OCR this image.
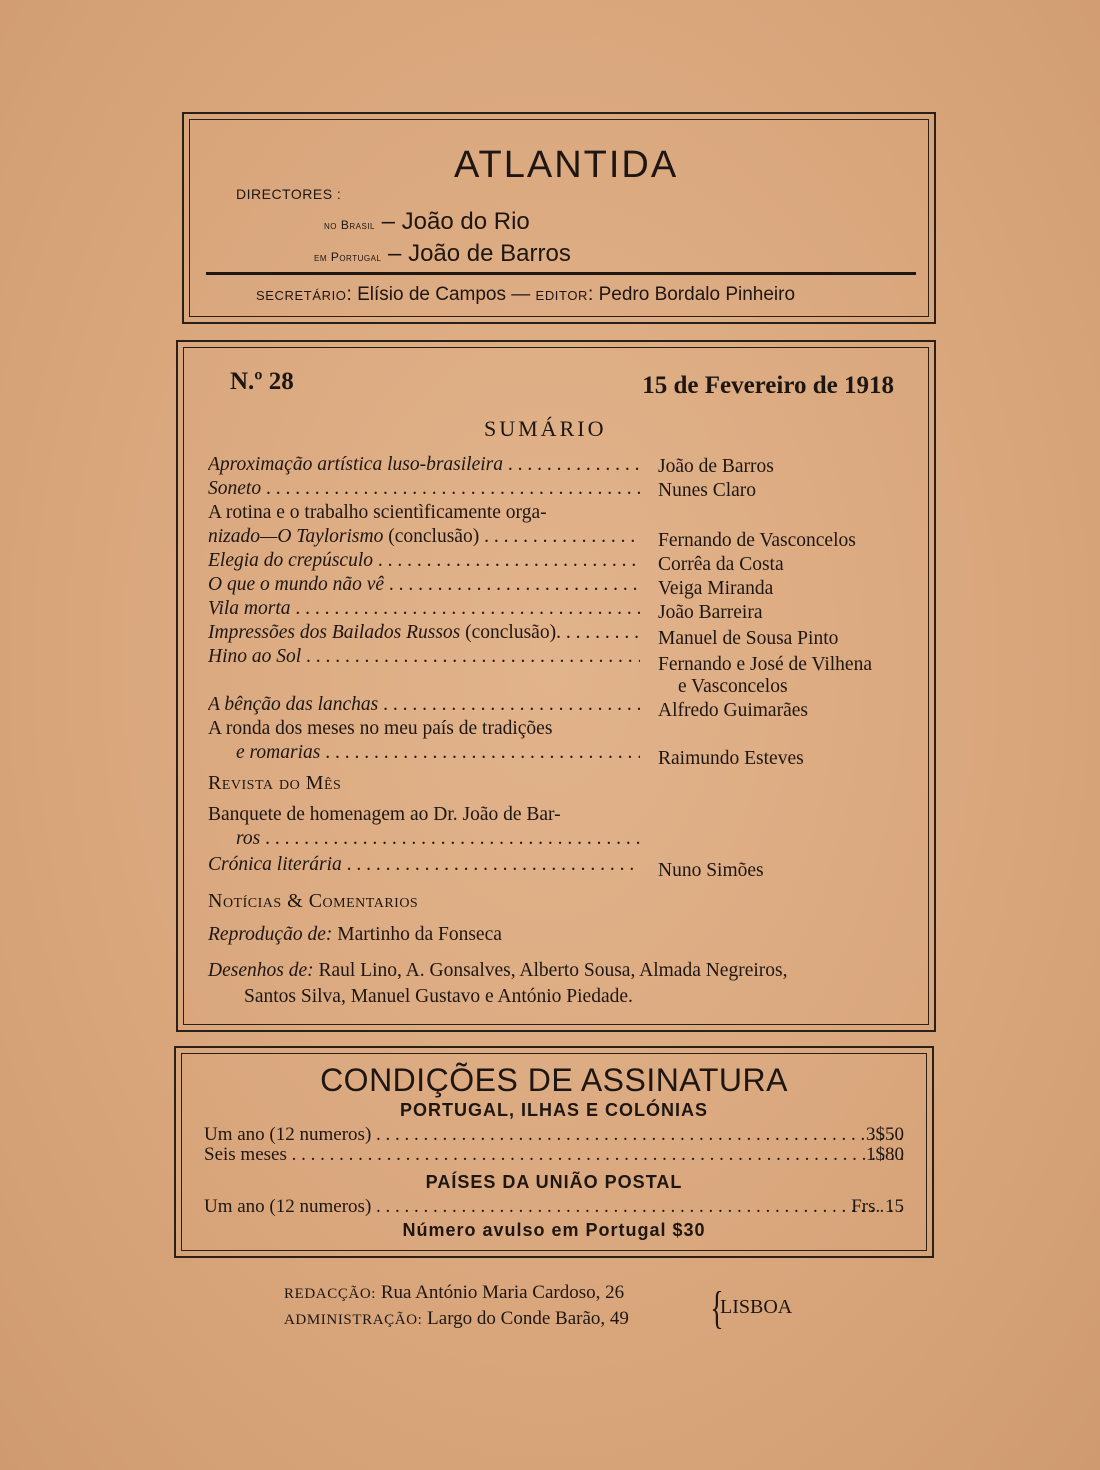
ATLANTIDA
DIRECTORES :
no Brasil – João do Rio
em Portugal – João de Barros
SECRETÁRIO: Elísio de Campos — EDITOR: Pedro Bordalo Pinheiro
N.º 28	15 de Fevereiro de 1918
SUMÁRIO
Aproximação artística luso-brasileira . . .	João de Barros
Soneto . . .	Nunes Claro
A rotina e o trabalho scientìficamente orga-
nizado—O Taylorismo (conclusão) . . .	Fernando de Vasconcelos
Elegia do crepúsculo . . .	Corrêa da Costa
O que o mundo não vê . . .	Veiga Miranda
Vila morta . . .	João Barreira
Impressões dos Bailados Russos (conclusão). . . .	Manuel de Sousa Pinto
Hino ao Sol . . .	Fernando e José de Vilhena
e Vasconcelos
A bênção das lanchas . . .	Alfredo Guimarães
A ronda dos meses no meu país de tradições
e romarias . . .	Raimundo Esteves
Revista do Mês
Banquete de homenagem ao Dr. João de Bar-
ros . . .
Crónica literária . . .	Nuno Simões
Notícias & Comentarios
Reprodução de: Martinho da Fonseca
Desenhos de: Raul Lino, A. Gonsalves, Alberto Sousa, Almada Negreiros,
Santos Silva, Manuel Gustavo e António Piedade.
CONDIÇÕES DE ASSINATURA
PORTUGAL, ILHAS E COLÓNIAS
Um ano (12 numeros) . . .	3$50
Seis meses . . .	1$80
PAÍSES DA UNIÃO POSTAL
Um ano (12 numeros) . . .	Frs. 15
Número avulso em Portugal $30
REDACÇÃO: Rua António Maria Cardoso, 26
ADMINISTRAÇÃO: Largo do Conde Barão, 49 {
LISBOA
